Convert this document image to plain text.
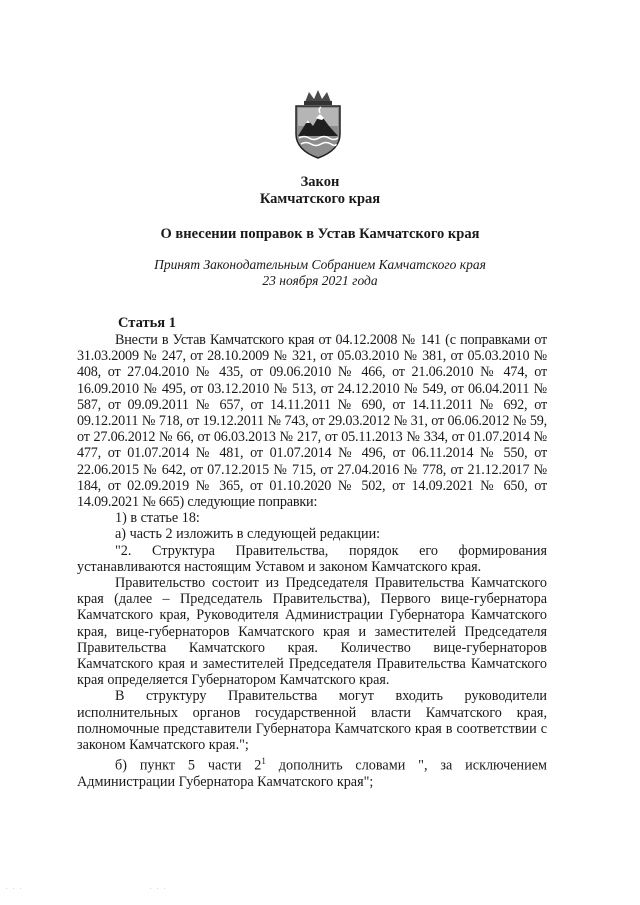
Закон
Камчатского края
О внесении поправок в Устав Камчатского края
Принят Законодательным Собранием Камчатского края
23 ноября 2021 года
Статья 1

Внести в Устав Камчатского края от 04.12.2008 № 141 (с поправками от 31.03.2009 № 247, от 28.10.2009 № 321, от 05.03.2010 № 381, от 05.03.2010 № 408, от 27.04.2010 № 435, от 09.06.2010 № 466, от 21.06.2010 № 474, от 16.09.2010 № 495, от 03.12.2010 № 513, от 24.12.2010 № 549, от 06.04.2011 № 587, от 09.09.2011 № 657, от 14.11.2011 № 690, от 14.11.2011 № 692, от 09.12.2011 № 718, от 19.12.2011 № 743, от 29.03.2012 № 31, от 06.06.2012 № 59, от 27.06.2012 № 66, от 06.03.2013 № 217, от 05.11.2013 № 334, от 01.07.2014 № 477, от 01.07.2014 № 481, от 01.07.2014 № 496, от 06.11.2014 № 550, от 22.06.2015 № 642, от 07.12.2015 № 715, от 27.04.2016 № 778, от 21.12.2017 № 184, от 02.09.2019 № 365, от 01.10.2020 № 502, от 14.09.2021 № 650, от 14.09.2021 № 665) следующие поправки:

1) в статье 18:

а) часть 2 изложить в следующей редакции:

"2. Структура Правительства, порядок его формирования устанавливаются настоящим Уставом и законом Камчатского края.

Правительство состоит из Председателя Правительства Камчатского края (далее – Председатель Правительства), Первого вице-губернатора Камчатского края, Руководителя Администрации Губернатора Камчатского края, вице-губернаторов Камчатского края и заместителей Председателя Правительства Камчатского края. Количество вице-губернаторов Камчатского края и заместителей Председателя Правительства Камчатского края определяется Губернатором Камчатского края.

В структуру Правительства могут входить руководители исполнительных органов государственной власти Камчатского края, полномочные представители Губернатора Камчатского края в соответствии с законом Камчатского края.";

б) пункт 5 части $2^1$ дополнить словами ", за исключением Администрации Губернатора Камчатского края";

. . .	. . .
